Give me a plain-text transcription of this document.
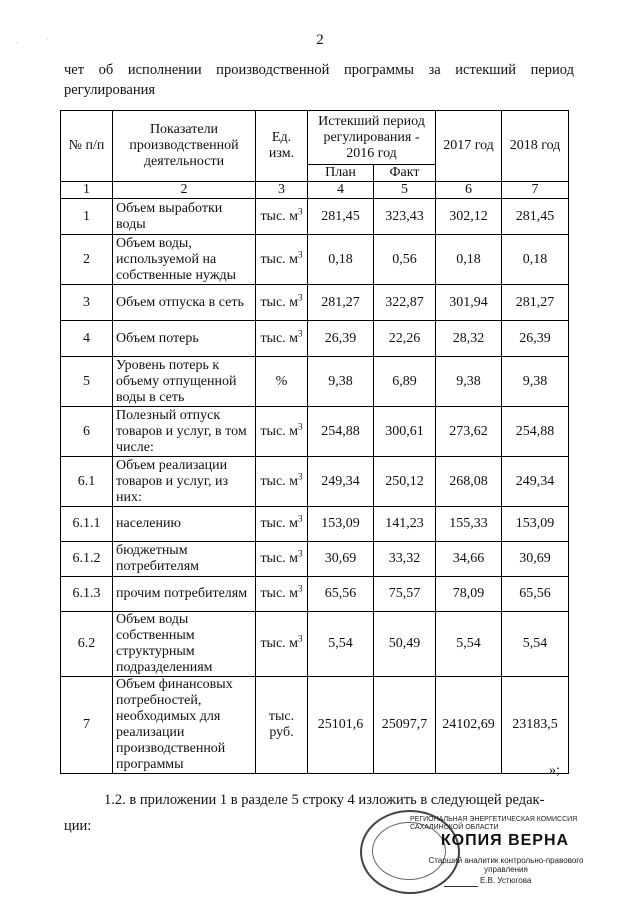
‧
‧	2
чет об исполнении производственной программы за истекший период регулирования
№ п/п	Показатели производственной деятельности	Ед. изм.	Истекший период регулирования - 2016 год		2017 год	2018 год
			План	Факт		
1	2	3	4	5	6	7
1	Объем выработки воды	тыс. $м^3$	281,45	323,43	302,12	281,45
2	Объем воды, используемой на собственные нужды	тыс. $м^3$	0,18	0,56	0,18	0,18
3	Объем отпуска в сеть	тыс. $м^3$	281,27	322,87	301,94	281,27
4	Объем потерь	тыс. $м^3$	26,39	22,26	28,32	26,39
5	Уровень потерь к объему отпущенной воды в сеть	%	9,38	6,89	9,38	9,38
6	Полезный отпуск товаров и услуг, в том числе:	тыс. $м^3$	254,88	300,61	273,62	254,88
6.1	Объем реализации товаров и услуг, из них:	тыс. $м^3$	249,34	250,12	268,08	249,34
6.1.1	населению	тыс. $м^3$	153,09	141,23	155,33	153,09
6.1.2	бюджетным потребителям	тыс. $м^3$	30,69	33,32	34,66	30,69
6.1.3	прочим потребителям	тыс. $м^3$	65,56	75,57	78,09	65,56
6.2	Объем воды собственным структурным подразделениям	тыс. $м^3$	5,54	50,49	5,54	5,54
7	Объем финансовых потребностей, необходимых для реализации производственной программы	тыс. руб.	25101,6	25097,7	24102,69	23183,5
»;
1.2. в приложении 1 в разделе 5 строку 4 изложить в следующей редак-
ции:	РЕГИОНАЛЬНАЯ ЭНЕРГЕТИЧЕСКАЯ КОМИССИЯ САХАЛИНСКОЙ ОБЛАСТИ
КОПИЯ ВЕРНА
Старший аналитик контрольно-правового управления
Е.В. Устюгова
